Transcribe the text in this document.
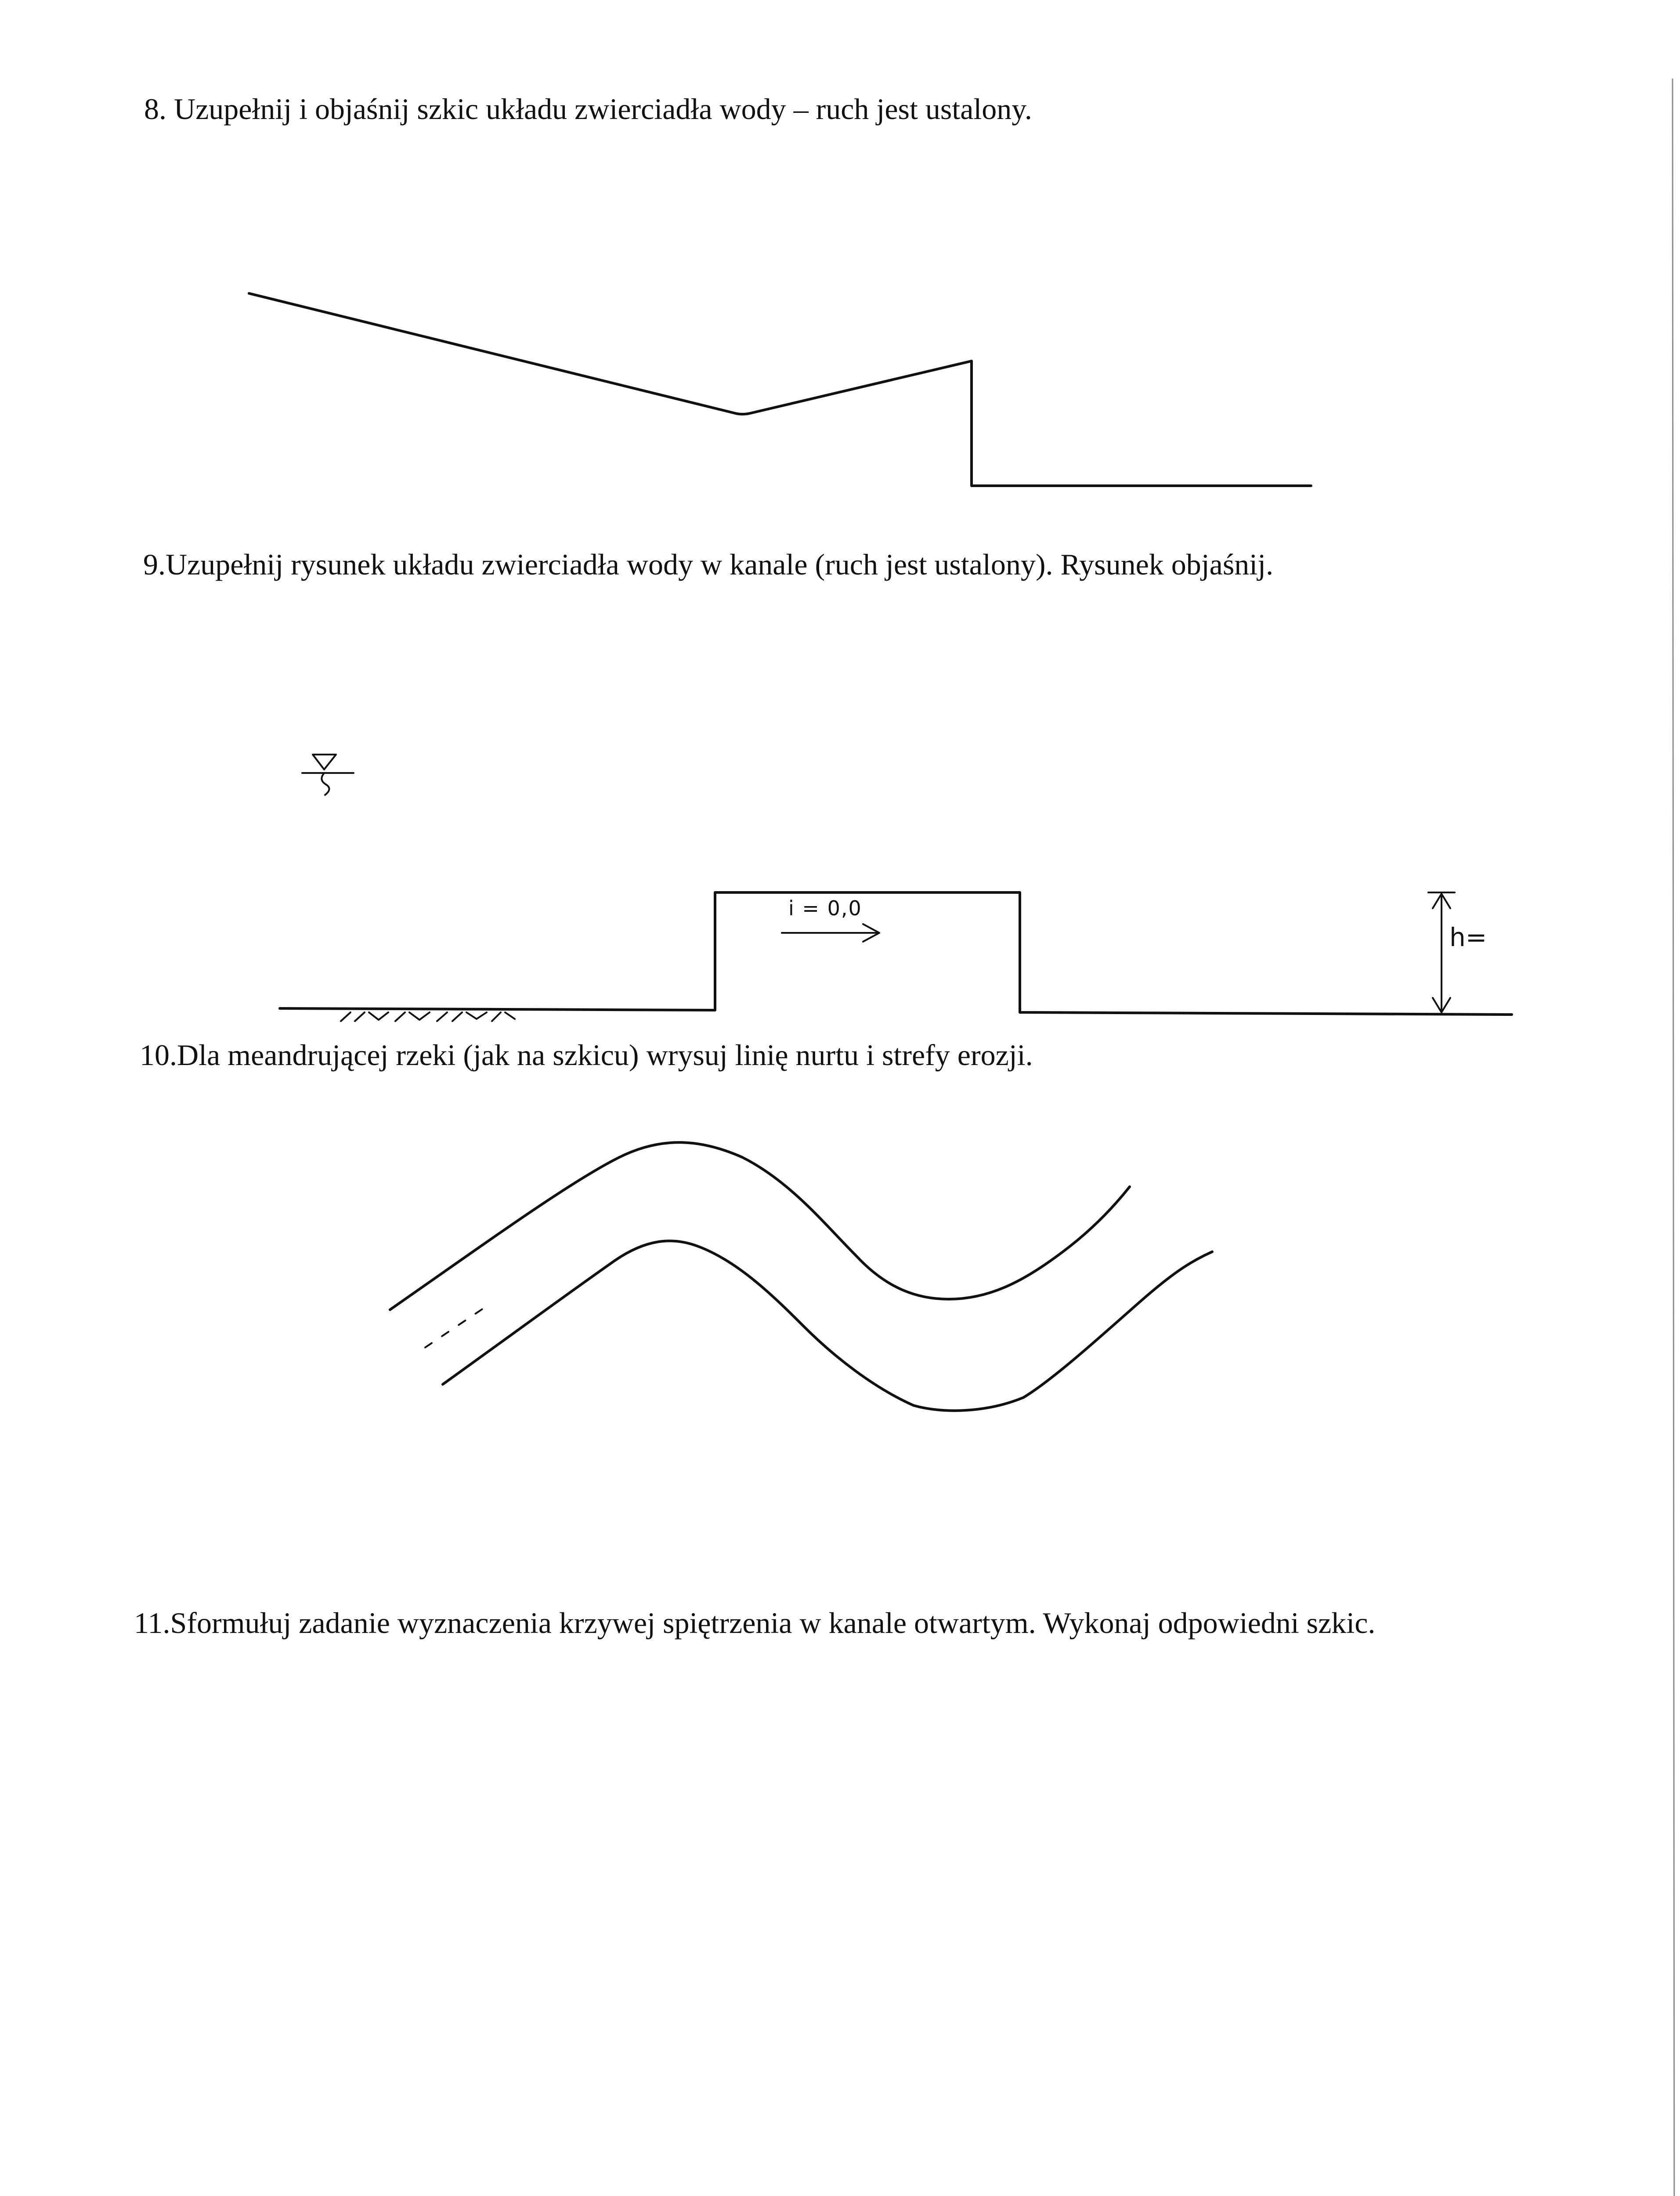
8. Uzupełnij i objaśnij szkic układu zwierciadła wody – ruch jest ustalony.
9.Uzupełnij rysunek układu zwierciadła wody w kanale (ruch jest ustalony). Rysunek objaśnij.
10.Dla meandrującej rzeki (jak na szkicu) wrysuj linię nurtu i strefy erozji.
11.Sformułuj zadanie wyznaczenia krzywej spiętrzenia w kanale otwartym. Wykonaj odpowiedni szkic.
i = 0,0
h=
